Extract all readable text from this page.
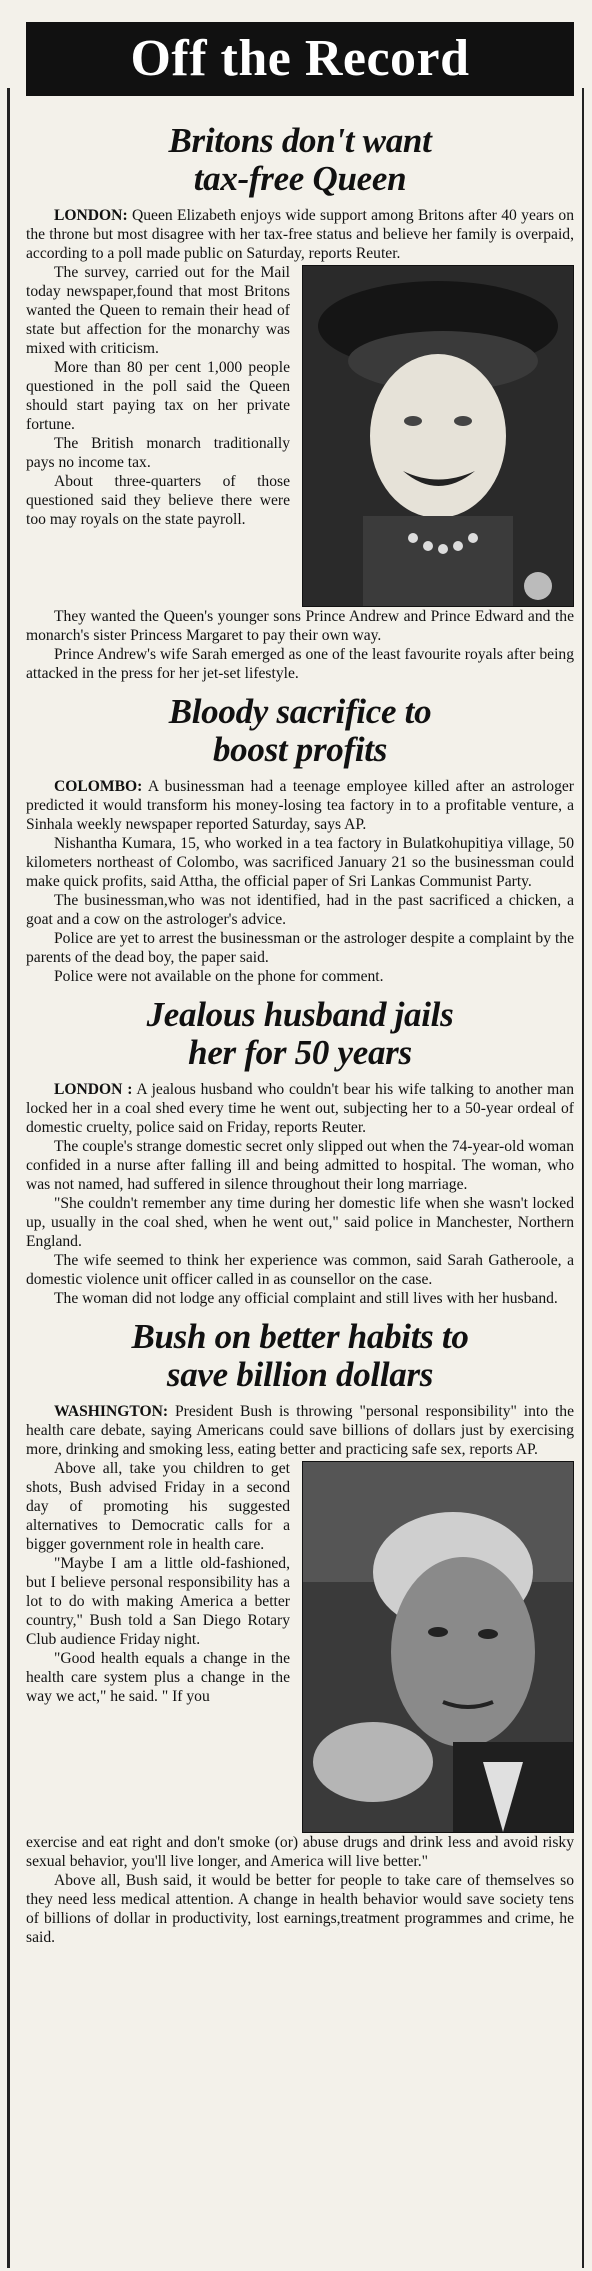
Off the Record
Britons don't want
tax-free Queen

LONDON: Queen Elizabeth enjoys wide support among Britons after 40 years on the throne but most disagree with her tax-free status and believe her family is overpaid, according to a poll made public on Saturday, reports Reuter.

The survey, carried out for the Mail today newspaper,found that most Britons wanted the Queen to remain their head of state but affection for the monarchy was mixed with criticism.

More than 80 per cent 1,000 people questioned in the poll said the Queen should start paying tax on her private fortune.

The British monarch traditionally pays no income tax.

About three-quarters of those questioned said they believe there were too may royals on the state payroll.

They wanted the Queen's younger sons Prince Andrew and Prince Edward and the monarch's sister Princess Margaret to pay their own way.

Prince Andrew's wife Sarah emerged as one of the least favourite royals after being attacked in the press for her jet-set lifestyle.

Bloody sacrifice to
boost profits

COLOMBO: A businessman had a teenage employee killed after an astrologer predicted it would transform his money-losing tea factory in to a profitable venture, a Sinhala weekly newspaper reported Saturday, says AP.

Nishantha Kumara, 15, who worked in a tea factory in Bulatkohupitiya village, 50 kilometers northeast of Colombo, was sacrificed January 21 so the businessman could make quick profits, said Attha, the official paper of Sri Lankas Communist Party.

The businessman,who was not identified, had in the past sacrificed a chicken, a goat and a cow on the astrologer's advice.

Police are yet to arrest the businessman or the astrologer despite a complaint by the parents of the dead boy, the paper said.

Police were not available on the phone for comment.

Jealous husband jails
her for 50 years

LONDON : A jealous husband who couldn't bear his wife talking to another man locked her in a coal shed every time he went out, subjecting her to a 50-year ordeal of domestic cruelty, police said on Friday, reports Reuter.

The couple's strange domestic secret only slipped out when the 74-year-old woman confided in a nurse after falling ill and being admitted to hospital. The woman, who was not named, had suffered in silence throughout their long marriage.

"She couldn't remember any time during her domestic life when she wasn't locked up, usually in the coal shed, when he went out," said police in Manchester, Northern England.

The wife seemed to think her experience was common, said Sarah Gatheroole, a domestic violence unit officer called in as counsellor on the case.

The woman did not lodge any official complaint and still lives with her husband.

Bush on better habits to
save billion dollars

WASHINGTON: President Bush is throwing "personal responsibility" into the health care debate, saying Americans could save billions of dollars just by exercising more, drinking and smoking less, eating better and practicing safe sex, reports AP.

Above all, take you children to get shots, Bush advised Friday in a second day of promoting his suggested alternatives to Democratic calls for a bigger government role in health care.

"Maybe I am a little old-fashioned, but I believe personal responsibility has a lot to do with making America a better country," Bush told a San Diego Rotary Club audience Friday night.

"Good health equals a change in the health care system plus a change in the way we act," he said. " If you

exercise and eat right and don't smoke (or) abuse drugs and drink less and avoid risky sexual behavior, you'll live longer, and America will live better."

Above all, Bush said, it would be better for people to take care of themselves so they need less medical attention. A change in health behavior would save society tens of billions of dollar in productivity, lost earnings,treatment programmes and crime, he said.
